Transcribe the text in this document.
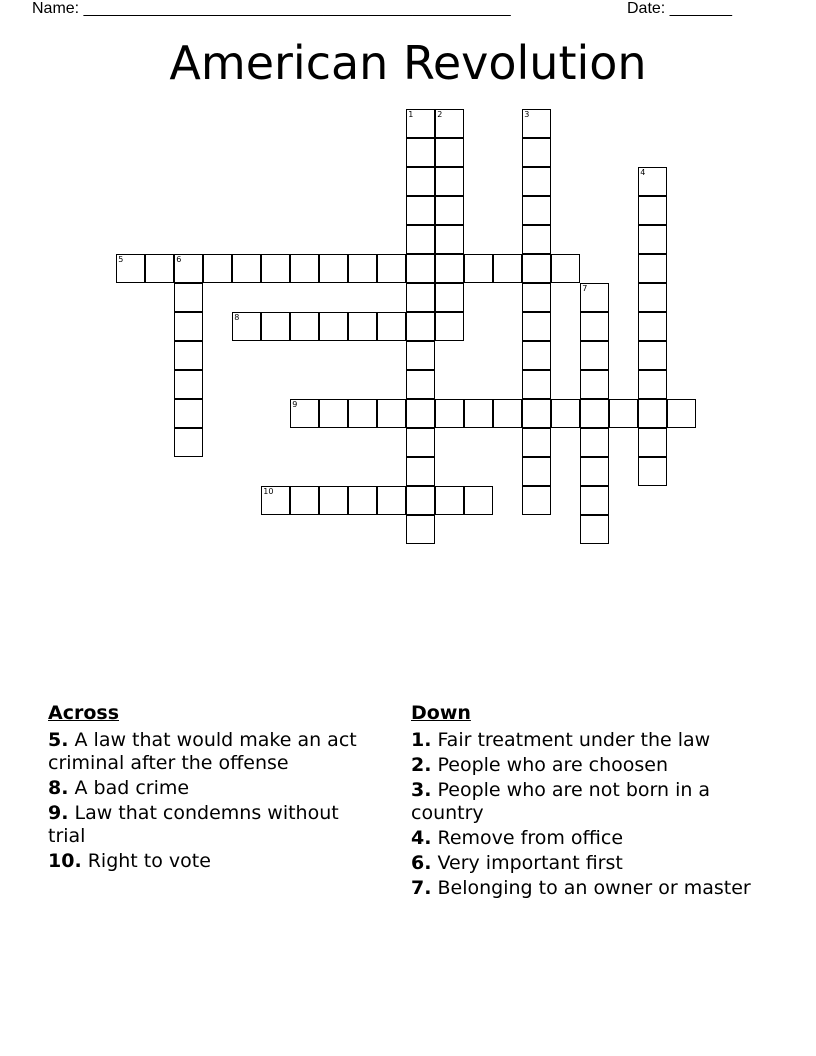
Name: ________________________________________________	Date: _______
American Revolution
1	2	3
4
5	6
7
8
9
10
Across
5. A law that would make an act criminal after the offense
8. A bad crime
9. Law that condemns without trial
10. Right to vote
Down
1. Fair treatment under the law
2. People who are choosen
3. People who are not born in a country
4. Remove from office
6. Very important first
7. Belonging to an owner or master
